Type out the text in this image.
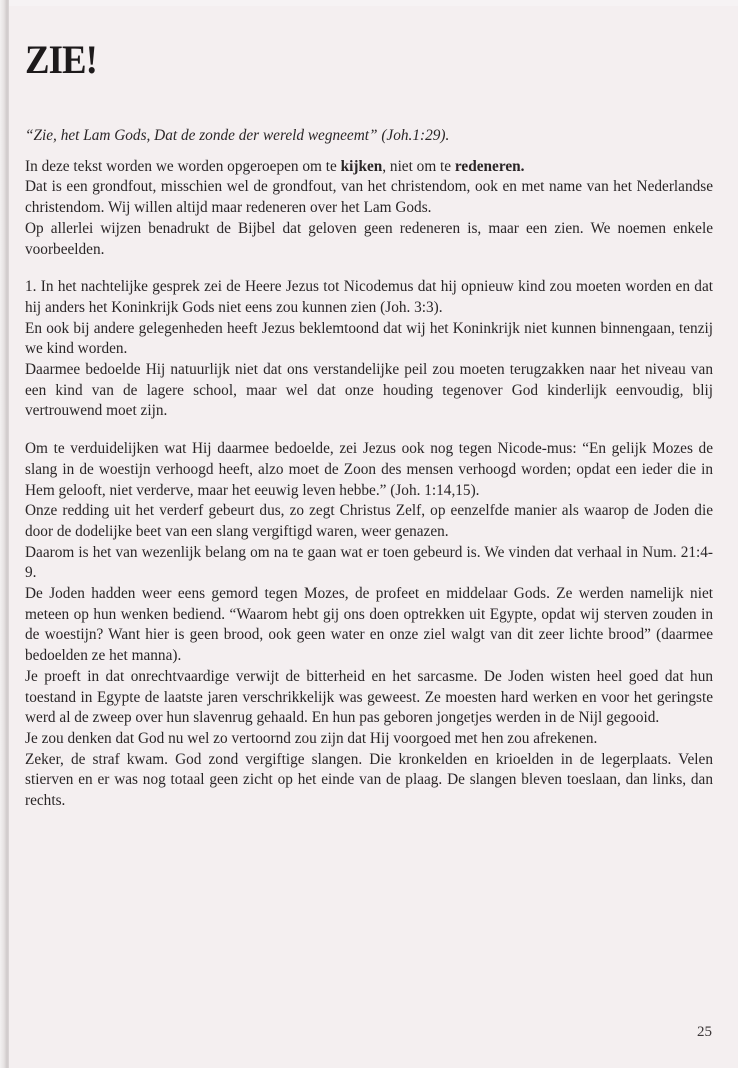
ZIE!

“Zie, het Lam Gods, Dat de zonde der wereld wegneemt” (Joh.1:29).

In deze tekst worden we worden opgeroepen om te kijken, niet om te redeneren.

Dat is een grondfout, misschien wel de grondfout, van het christendom, ook en met name van het Nederlandse christendom. Wij willen altijd maar redeneren over het Lam Gods.

Op allerlei wijzen benadrukt de Bijbel dat geloven geen redeneren is, maar een zien. We noemen enkele voorbeelden.

1. In het nachtelijke gesprek zei de Heere Jezus tot Nicodemus dat hij opnieuw kind zou moeten worden en dat hij anders het Koninkrijk Gods niet eens zou kunnen zien (Joh. 3:3).

En ook bij andere gelegenheden heeft Jezus beklemtoond dat wij het Koninkrijk niet kunnen binnengaan, tenzij we kind worden.

Daarmee bedoelde Hij natuurlijk niet dat ons verstandelijke peil zou moeten terugzakken naar het niveau van een kind van de lagere school, maar wel dat onze houding tegenover God kinderlijk eenvoudig, blij vertrouwend moet zijn.

Om te verduidelijken wat Hij daarmee bedoelde, zei Jezus ook nog tegen Nicode-mus: “En gelijk Mozes de slang in de woestijn verhoogd heeft, alzo moet de Zoon des mensen verhoogd worden; opdat een ieder die in Hem gelooft, niet verderve, maar het eeuwig leven hebbe.” (Joh. 1:14,15).

Onze redding uit het verderf gebeurt dus, zo zegt Christus Zelf, op eenzelfde manier als waarop de Joden die door de dodelijke beet van een slang vergiftigd waren, weer genazen.

Daarom is het van wezenlijk belang om na te gaan wat er toen gebeurd is. We vinden dat verhaal in Num. 21:4-9.

De Joden hadden weer eens gemord tegen Mozes, de profeet en middelaar Gods. Ze werden namelijk niet meteen op hun wenken bediend. “Waarom hebt gij ons doen optrekken uit Egypte, opdat wij sterven zouden in de woestijn? Want hier is geen brood, ook geen water en onze ziel walgt van dit zeer lichte brood” (daarmee bedoelden ze het manna).

Je proeft in dat onrechtvaardige verwijt de bitterheid en het sarcasme. De Joden wisten heel goed dat hun toestand in Egypte de laatste jaren verschrikkelijk was geweest. Ze moesten hard werken en voor het geringste werd al de zweep over hun slavenrug gehaald. En hun pas geboren jongetjes werden in de Nijl gegooid.

Je zou denken dat God nu wel zo vertoornd zou zijn dat Hij voorgoed met hen zou afrekenen.

Zeker, de straf kwam. God zond vergiftige slangen. Die kronkelden en krioelden in de legerplaats. Velen stierven en er was nog totaal geen zicht op het einde van de plaag. De slangen bleven toeslaan, dan links, dan rechts.

25
